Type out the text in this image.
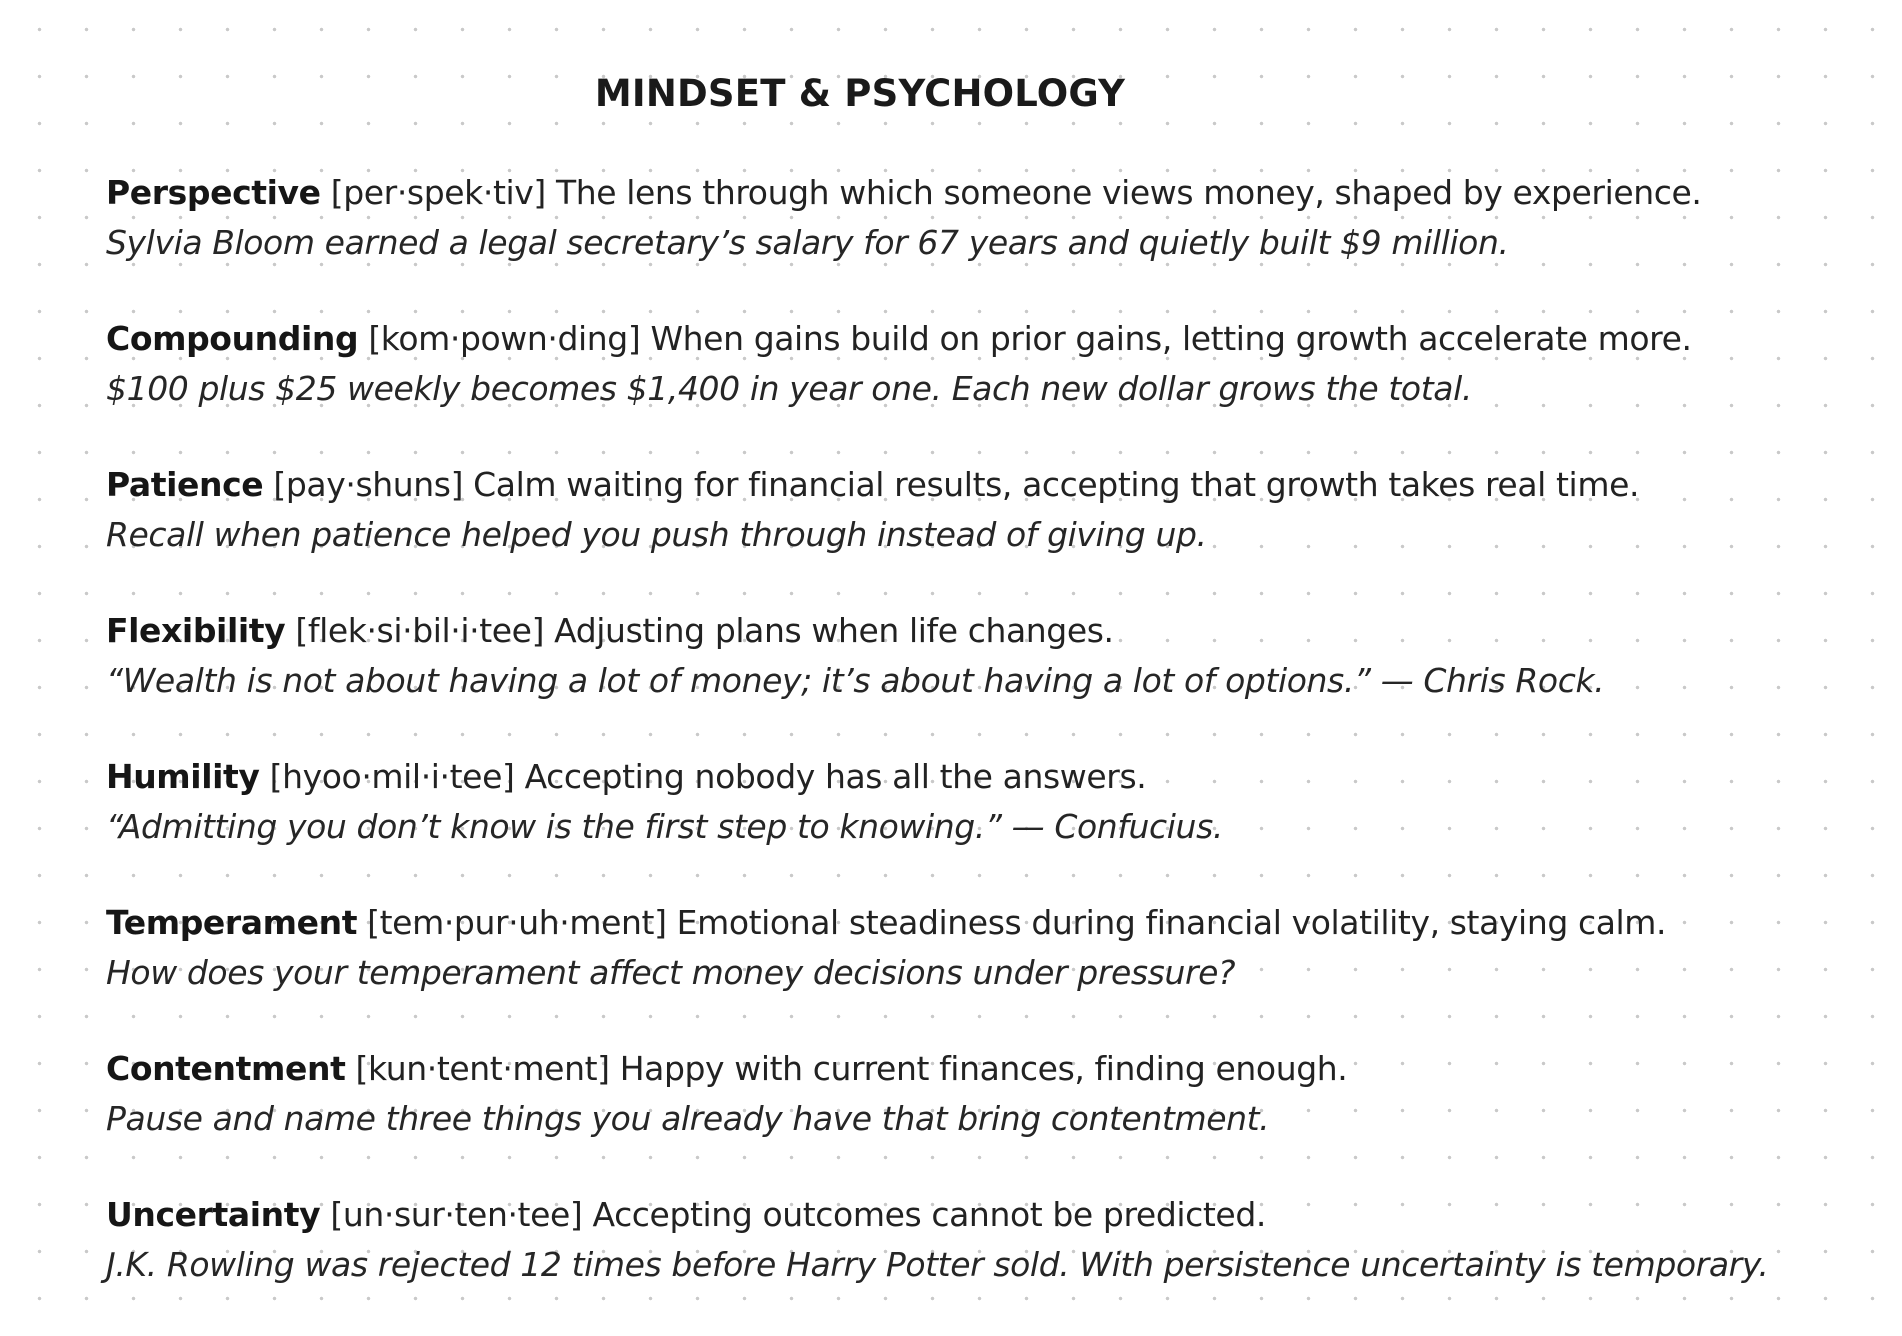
MINDSET & PSYCHOLOGY
Perspective [per·spek·tiv] The lens through which someone views money, shaped by experience.
Sylvia Bloom earned a legal secretary’s salary for 67 years and quietly built $9 million.
Compounding [kom·pown·ding] When gains build on prior gains, letting growth accelerate more.
$100 plus $25 weekly becomes $1,400 in year one. Each new dollar grows the total.
Patience [pay·shuns] Calm waiting for financial results, accepting that growth takes real time.
Recall when patience helped you push through instead of giving up.
Flexibility [flek·si·bil·i·tee] Adjusting plans when life changes.
“Wealth is not about having a lot of money; it’s about having a lot of options.” — Chris Rock.
Humility [hyoo·mil·i·tee] Accepting nobody has all the answers.
“Admitting you don’t know is the first step to knowing.” — Confucius.
Temperament [tem·pur·uh·ment] Emotional steadiness during financial volatility, staying calm.
How does your temperament affect money decisions under pressure?
Contentment [kun·tent·ment] Happy with current finances, finding enough.
Pause and name three things you already have that bring contentment.
Uncertainty [un·sur·ten·tee] Accepting outcomes cannot be predicted.
J.K. Rowling was rejected 12 times before Harry Potter sold. With persistence uncertainty is temporary.
